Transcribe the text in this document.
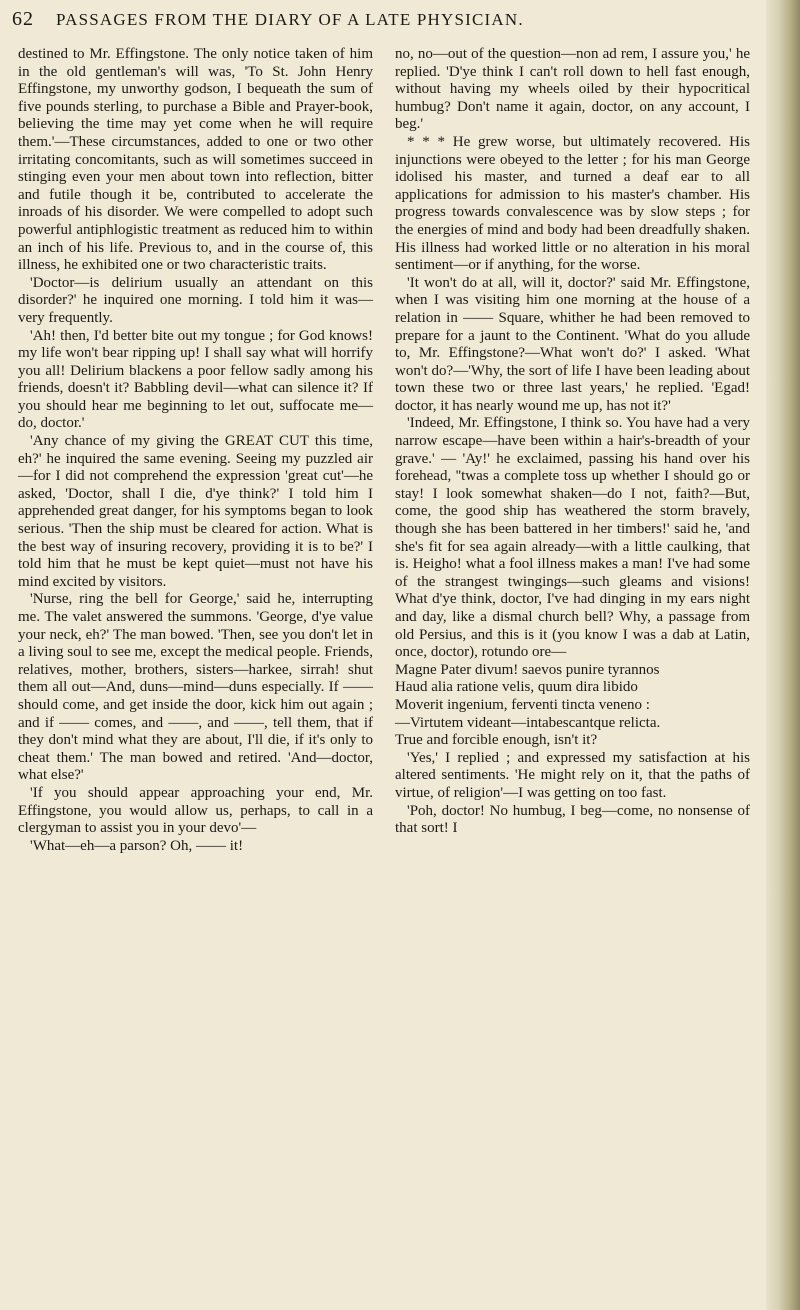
62 PASSAGES FROM THE DIARY OF A LATE PHYSICIAN.

destined to Mr. Effingstone. The only notice taken of him in the old gentleman's will was, 'To St. John Henry Effingstone, my unworthy godson, I bequeath the sum of five pounds sterling, to purchase a Bible and Prayer-book, believing the time may yet come when he will require them.'—These circumstances, added to one or two other irritating concomitants, such as will sometimes succeed in stinging even your men about town into reflection, bitter and futile though it be, contributed to accelerate the inroads of his disorder. We were compelled to adopt such powerful antiphlogistic treatment as reduced him to within an inch of his life. Previous to, and in the course of, this illness, he exhibited one or two characteristic traits.

'Doctor—is delirium usually an attendant on this disorder?' he inquired one morning. I told him it was—very frequently.

'Ah! then, I'd better bite out my tongue ; for God knows! my life won't bear ripping up! I shall say what will horrify you all! Delirium blackens a poor fellow sadly among his friends, doesn't it? Babbling devil—what can silence it? If you should hear me beginning to let out, suffocate me—do, doctor.'

'Any chance of my giving the GREAT CUT this time, eh?' he inquired the same evening. Seeing my puzzled air—for I did not comprehend the expression 'great cut'—he asked, 'Doctor, shall I die, d'ye think?' I told him I apprehended great danger, for his symptoms began to look serious. 'Then the ship must be cleared for action. What is the best way of insuring recovery, providing it is to be?' I told him that he must be kept quiet—must not have his mind excited by visitors.

'Nurse, ring the bell for George,' said he, interrupting me. The valet answered the summons. 'George, d'ye value your neck, eh?' The man bowed. 'Then, see you don't let in a living soul to see me, except the medical people. Friends, relatives, mother, brothers, sisters—harkee, sirrah! shut them all out—And, duns—mind—duns especially. If —— should come, and get inside the door, kick him out again ; and if —— comes, and ——, and ——, tell them, that if they don't mind what they are about, I'll die, if it's only to cheat them.' The man bowed and retired. 'And—doctor, what else?'

'If you should appear approaching your end, Mr. Effingstone, you would allow us, perhaps, to call in a clergyman to assist you in your devo'—

'What—eh—a parson? Oh, —— it!

no, no—out of the question—non ad rem, I assure you,' he replied. 'D'ye think I can't roll down to hell fast enough, without having my wheels oiled by their hypocritical humbug? Don't name it again, doctor, on any account, I beg.'

* * * He grew worse, but ultimately recovered. His injunctions were obeyed to the letter ; for his man George idolised his master, and turned a deaf ear to all applications for admission to his master's chamber. His progress towards convalescence was by slow steps ; for the energies of mind and body had been dreadfully shaken. His illness had worked little or no alteration in his moral sentiment—or if anything, for the worse.

'It won't do at all, will it, doctor?' said Mr. Effingstone, when I was visiting him one morning at the house of a relation in —— Square, whither he had been removed to prepare for a jaunt to the Continent. 'What do you allude to, Mr. Effingstone?—What won't do?' I asked. 'What won't do?—'Why, the sort of life I have been leading about town these two or three last years,' he replied. 'Egad! doctor, it has nearly wound me up, has not it?'

'Indeed, Mr. Effingstone, I think so. You have had a very narrow escape—have been within a hair's-breadth of your grave.' — 'Ay!' he exclaimed, passing his hand over his forehead, ''twas a complete toss up whether I should go or stay! I look somewhat shaken—do I not, faith?—But, come, the good ship has weathered the storm bravely, though she has been battered in her timbers!' said he, 'and she's fit for sea again already—with a little caulking, that is. Heigho! what a fool illness makes a man! I've had some of the strangest twingings—such gleams and visions! What d'ye think, doctor, I've had dinging in my ears night and day, like a dismal church bell? Why, a passage from old Persius, and this is it (you know I was a dab at Latin, once, doctor), rotundo ore—

Magne Pater divum! saevos punire tyrannos
Haud alia ratione velis, quum dira libido
Moverit ingenium, ferventi tincta veneno :
—Virtutem videant—intabescantque relicta.

True and forcible enough, isn't it?

'Yes,' I replied ; and expressed my satisfaction at his altered sentiments. 'He might rely on it, that the paths of virtue, of religion'—I was getting on too fast.

'Poh, doctor! No humbug, I beg—come, no nonsense of that sort! I
